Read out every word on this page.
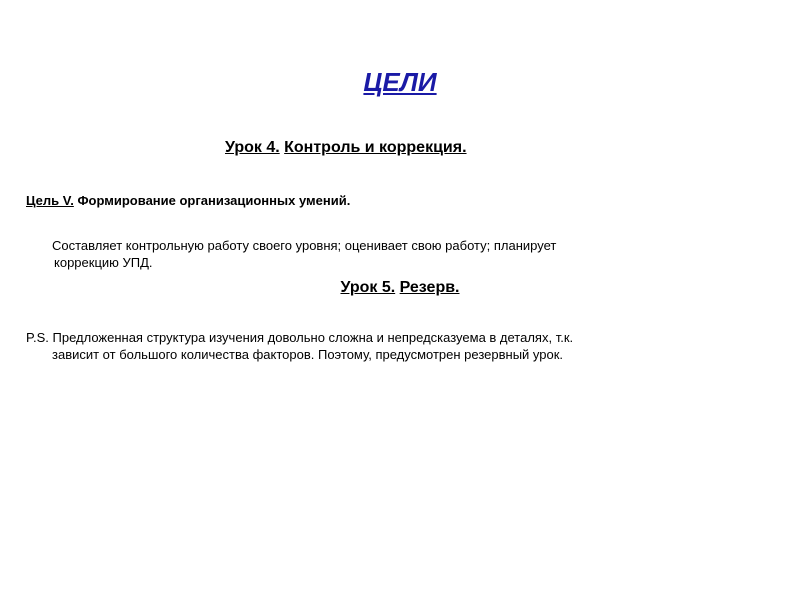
ЦЕЛИ

Урок 4. Контроль и коррекция.

Цель V. Формирование организационных умений.

Составляет контрольную работу своего уровня; оценивает свою работу; планирует
коррекцию УПД.

Урок 5. Резерв.

P.S. Предложенная структура изучения довольно сложна и непредсказуема в деталях, т.к.
зависит от большого количества факторов. Поэтому, предусмотрен резервный урок.
